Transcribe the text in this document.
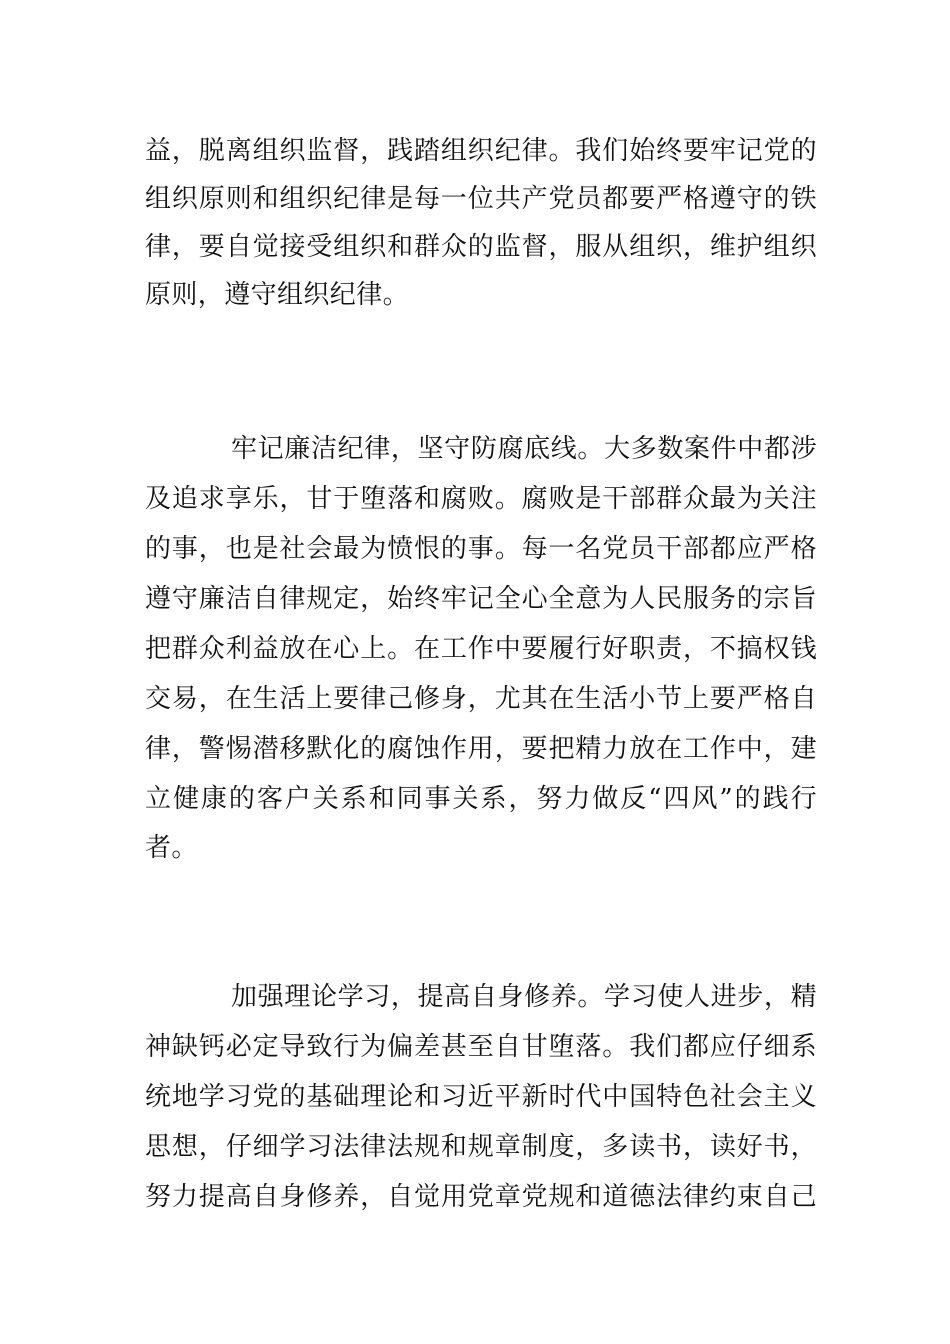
益，脱离组织监督，践踏组织纪律。我们始终要牢记党的
组织原则和组织纪律是每一位共产党员都要严格遵守的铁
律，要自觉接受组织和群众的监督，服从组织，维护组织
原则，遵守组织纪律。
牢记廉洁纪律，坚守防腐底线。大多数案件中都涉
及追求享乐，甘于堕落和腐败。腐败是干部群众最为关注
的事，也是社会最为愤恨的事。每一名党员干部都应严格
遵守廉洁自律规定，始终牢记全心全意为人民服务的宗旨
把群众利益放在心上。在工作中要履行好职责，不搞权钱
交易，在生活上要律己修身，尤其在生活小节上要严格自
律，警惕潜移默化的腐蚀作用，要把精力放在工作中，建
立健康的客户关系和同事关系，努力做反“四风”的践行
者。
加强理论学习，提高自身修养。学习使人进步，精
神缺钙必定导致行为偏差甚至自甘堕落。我们都应仔细系
统地学习党的基础理论和习近平新时代中国特色社会主义
思想，仔细学习法律法规和规章制度，多读书，读好书，
努力提高自身修养，自觉用党章党规和道德法律约束自己
